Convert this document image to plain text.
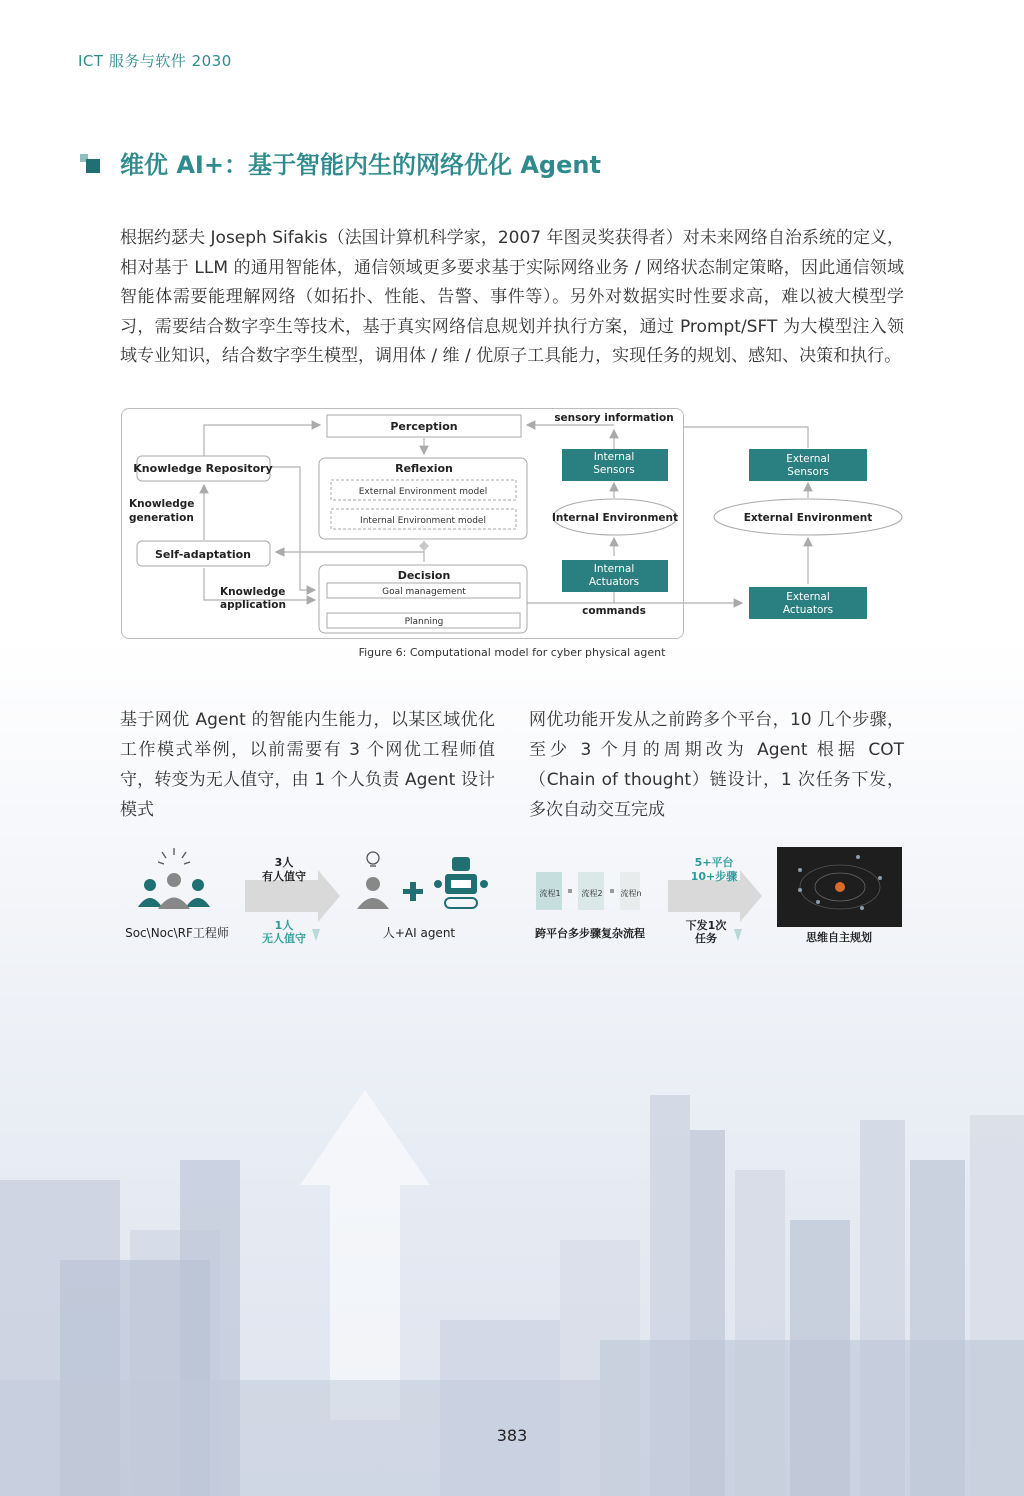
ICT 服务与软件 2030
维优 AI+：基于智能内生的网络优化 Agent
根据约瑟夫 Joseph Sifakis（法国计算机科学家，2007 年图灵奖获得者）对未来网络自治系统的定义，相对基于 LLM 的通用智能体，通信领域更多要求基于实际网络业务 / 网络状态制定策略，因此通信领域智能体需要能理解网络（如拓扑、性能、告警、事件等）。另外对数据实时性要求高，难以被大模型学习，需要结合数字孪生等技术，基于真实网络信息规划并执行方案，通过 Prompt/SFT 为大模型注入领域专业知识，结合数字孪生模型，调用体 / 维 / 优原子工具能力，实现任务的规划、感知、决策和执行。
Perception
sensory information
Knowledge Repository
Knowledge
generation
Reflexion
External Environment model
Internal Environment model
Self-adaptation
Knowledge
application
Decision
Goal management
Planning
Internal
Sensors
Internal Environment
Internal
Actuators
commands
External
Sensors
External Environment
External
Actuators
Figure 6: Computational model for cyber physical agent
基于网优 Agent 的智能内生能力，以某区域优化工作模式举例，以前需要有 3 个网优工程师值守，转变为无人值守，由 1 个人负责 Agent 设计模式
网优功能开发从之前跨多个平台，10 几个步骤，至少 3 个月的周期改为 Agent 根据 COT（Chain of thought）链设计，1 次任务下发，多次自动交互完成
Soc\Noc\RF工程师
3人
有人值守
1人
无人值守	人+AI agent
流程1	流程2 流程n
跨平台多步骤复杂流程
5+平台
10+步骤
下发1次
任务	思维自主规划
383
